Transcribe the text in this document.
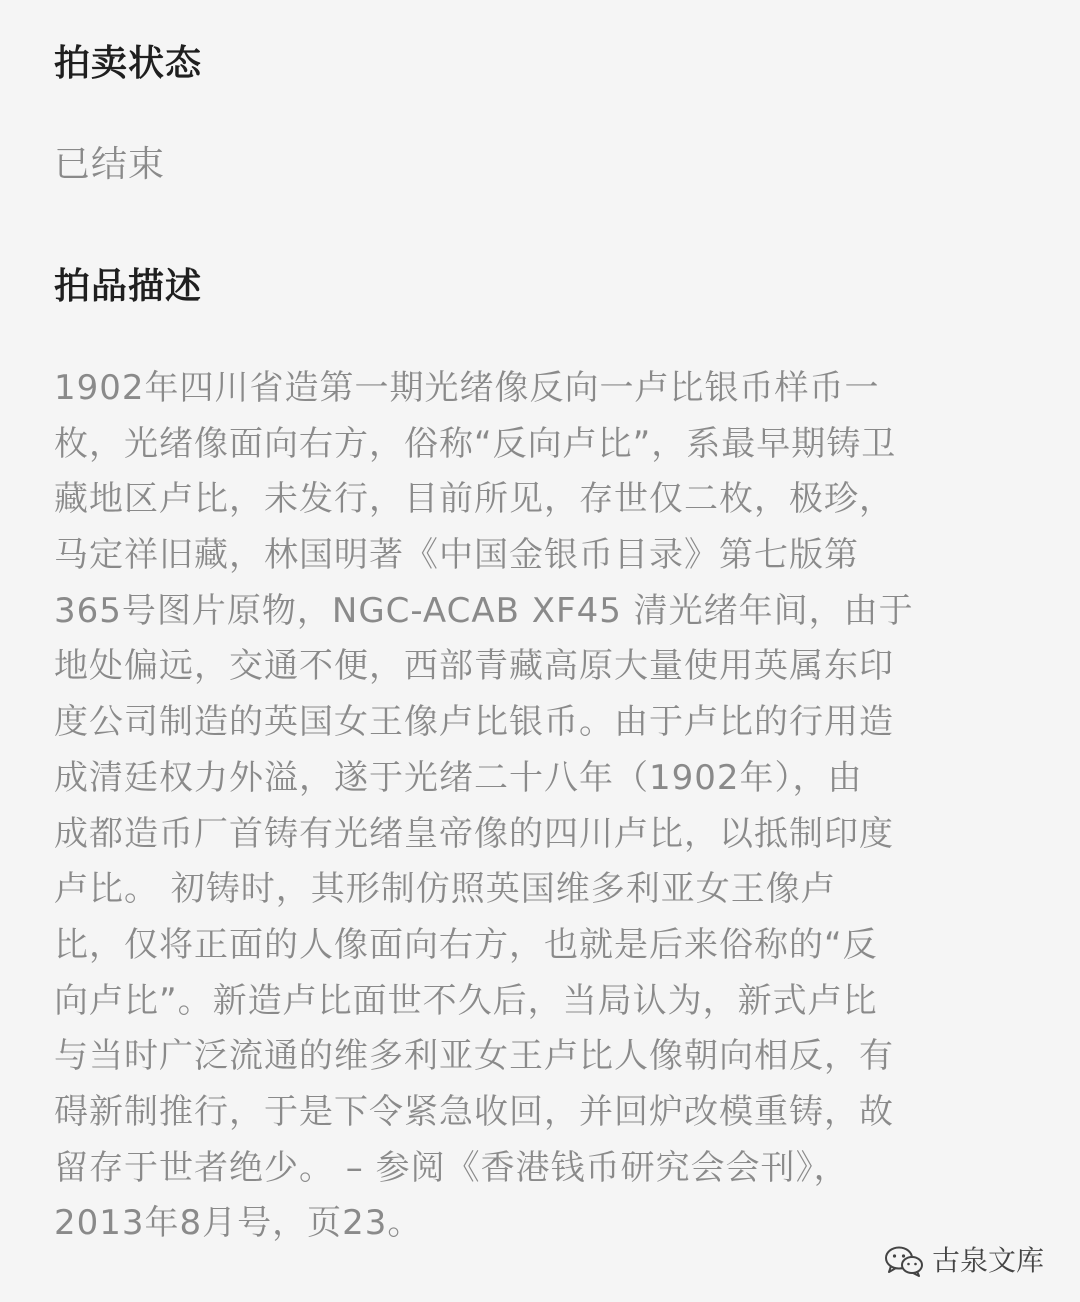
拍卖状态
已结束
拍品描述
1902年四川省造第一期光绪像反向一卢比银币样币一
枚，光绪像面向右方，俗称“反向卢比”，系最早期铸卫
藏地区卢比，未发行，目前所见，存世仅二枚，极珍，
马定祥旧藏，林国明著《中国金银币目录》第七版第
365号图片原物，NGC-ACAB XF45 清光绪年间，由于
地处偏远，交通不便，西部青藏高原大量使用英属东印
度公司制造的英国女王像卢比银币。由于卢比的行用造
成清廷权力外溢，遂于光绪二十八年（1902年），由
成都造币厂首铸有光绪皇帝像的四川卢比，以抵制印度
卢比。 初铸时，其形制仿照英国维多利亚女王像卢
比，仅将正面的人像面向右方，也就是后来俗称的“反
向卢比”。新造卢比面世不久后，当局认为，新式卢比
与当时广泛流通的维多利亚女王卢比人像朝向相反，有
碍新制推行，于是下令紧急收回，并回炉改模重铸，故
留存于世者绝少。 – 参阅《香港钱币研究会会刊》，
2013年8月号，页23。
古泉文库
